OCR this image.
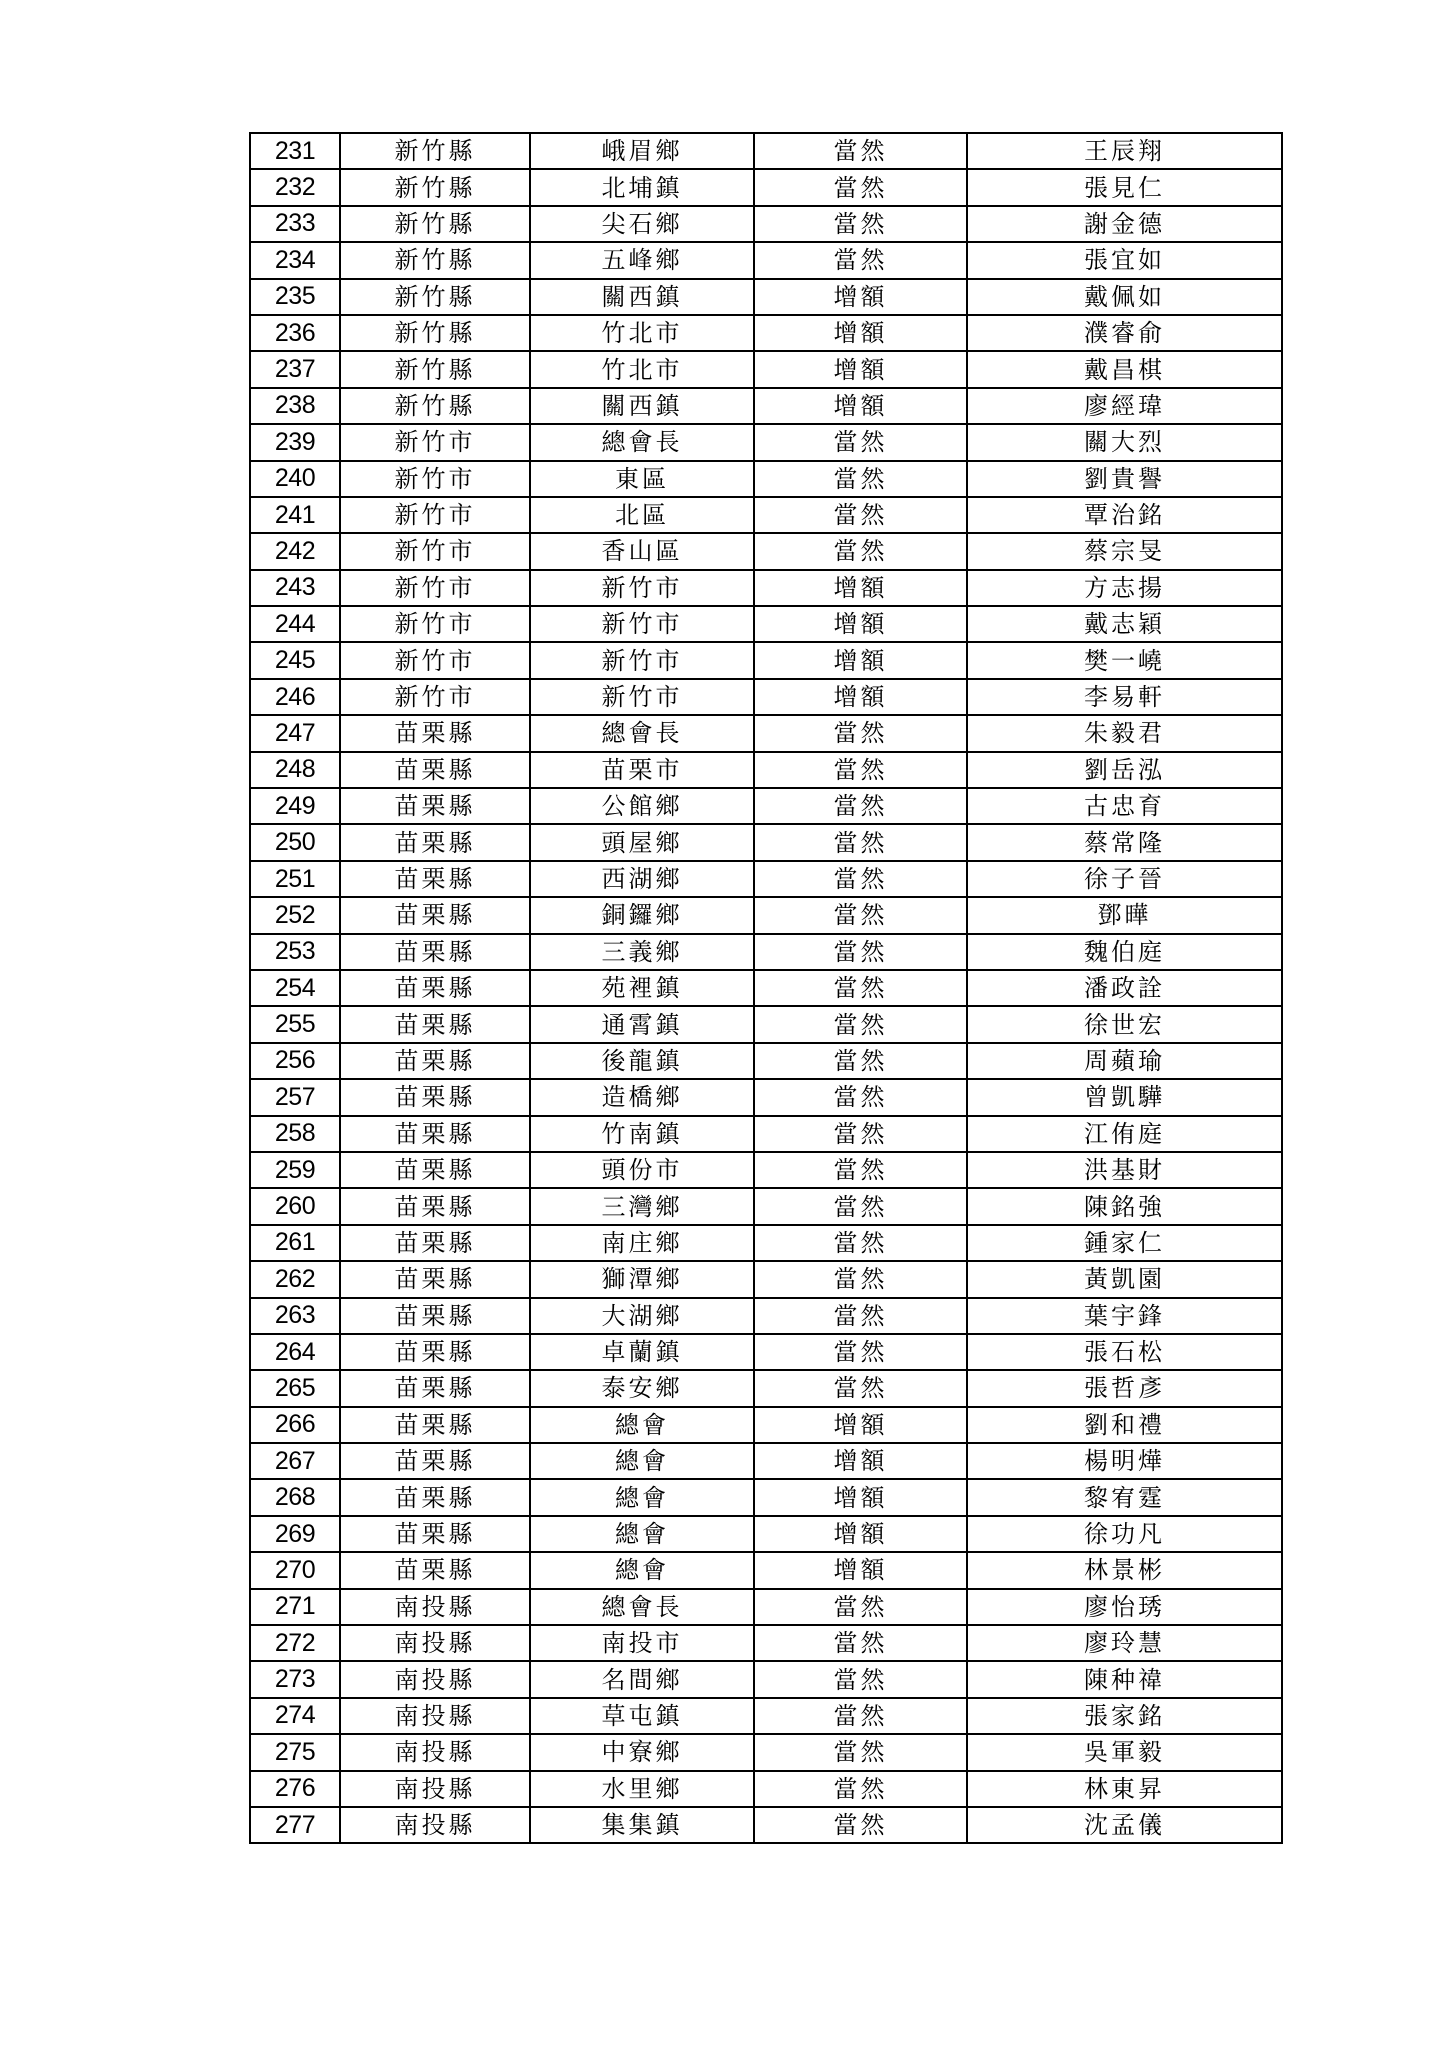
231	新竹縣	峨眉鄉	當然	王辰翔
232	新竹縣	北埔鎮	當然	張見仁
233	新竹縣	尖石鄉	當然	謝金德
234	新竹縣	五峰鄉	當然	張宜如
235	新竹縣	關西鎮	增額	戴佩如
236	新竹縣	竹北市	增額	濮睿俞
237	新竹縣	竹北市	增額	戴昌棋
238	新竹縣	關西鎮	增額	廖經瑋
239	新竹市	總會長	當然	關大烈
240	新竹市	東區	當然	劉貴譽
241	新竹市	北區	當然	覃治銘
242	新竹市	香山區	當然	蔡宗旻
243	新竹市	新竹市	增額	方志揚
244	新竹市	新竹市	增額	戴志穎
245	新竹市	新竹市	增額	樊一嶢
246	新竹市	新竹市	增額	李易軒
247	苗栗縣	總會長	當然	朱毅君
248	苗栗縣	苗栗市	當然	劉岳泓
249	苗栗縣	公館鄉	當然	古忠育
250	苗栗縣	頭屋鄉	當然	蔡常隆
251	苗栗縣	西湖鄉	當然	徐子晉
252	苗栗縣	銅鑼鄉	當然	鄧曄
253	苗栗縣	三義鄉	當然	魏伯庭
254	苗栗縣	苑裡鎮	當然	潘政詮
255	苗栗縣	通霄鎮	當然	徐世宏
256	苗栗縣	後龍鎮	當然	周蘋瑜
257	苗栗縣	造橋鄉	當然	曾凱驊
258	苗栗縣	竹南鎮	當然	江侑庭
259	苗栗縣	頭份市	當然	洪基財
260	苗栗縣	三灣鄉	當然	陳銘強
261	苗栗縣	南庄鄉	當然	鍾家仁
262	苗栗縣	獅潭鄉	當然	黃凱園
263	苗栗縣	大湖鄉	當然	葉宇鋒
264	苗栗縣	卓蘭鎮	當然	張石松
265	苗栗縣	泰安鄉	當然	張哲彥
266	苗栗縣	總會	增額	劉和禮
267	苗栗縣	總會	增額	楊明燁
268	苗栗縣	總會	增額	黎宥霆
269	苗栗縣	總會	增額	徐功凡
270	苗栗縣	總會	增額	林景彬
271	南投縣	總會長	當然	廖怡琇
272	南投縣	南投市	當然	廖玲慧
273	南投縣	名間鄉	當然	陳种禕
274	南投縣	草屯鎮	當然	張家銘
275	南投縣	中寮鄉	當然	吳軍毅
276	南投縣	水里鄉	當然	林東昇
277	南投縣	集集鎮	當然	沈孟儀
